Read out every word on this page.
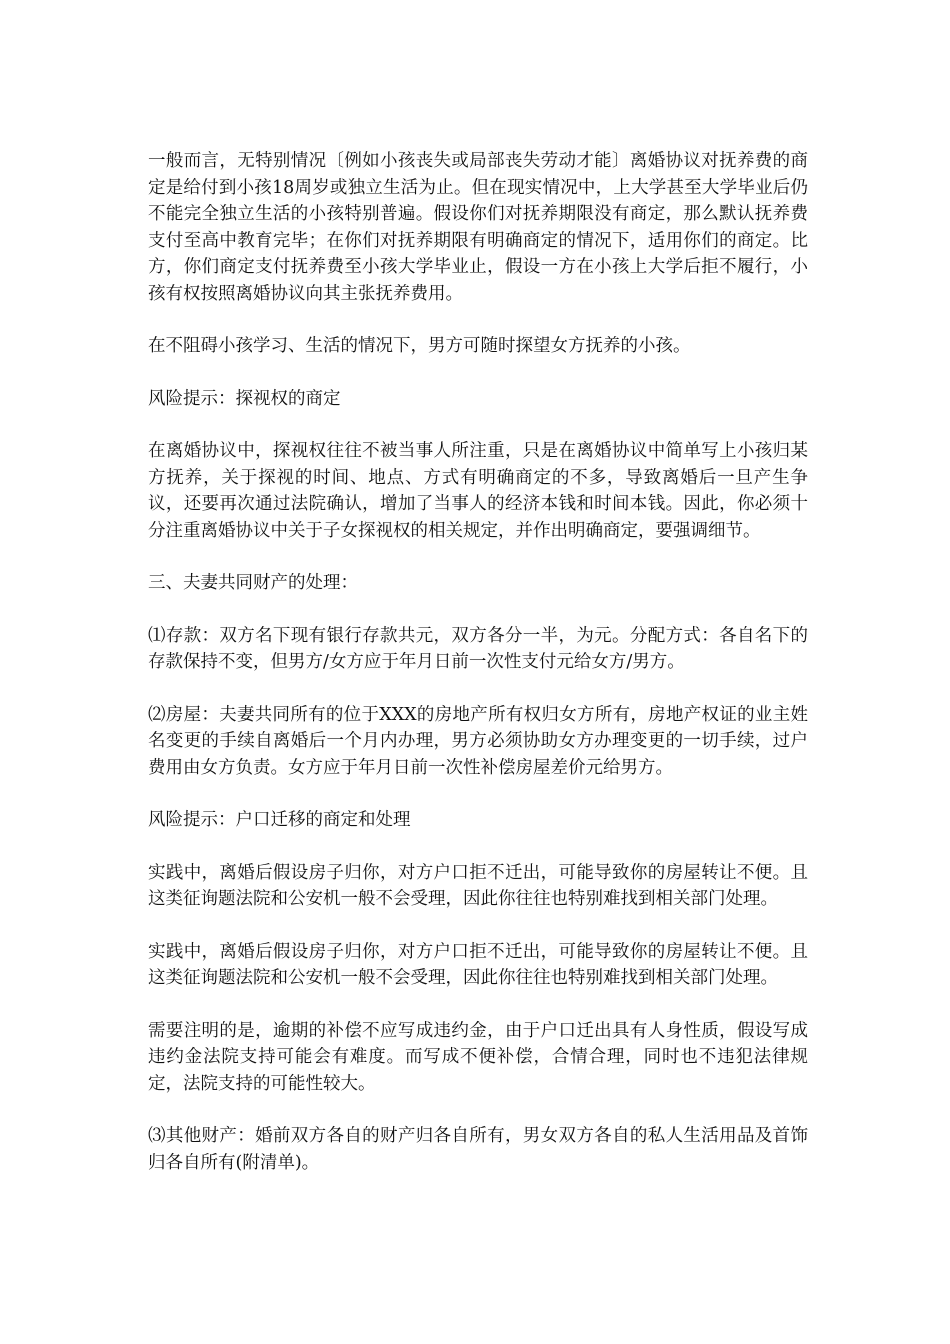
一般而言，无特别情况〔例如小孩丧失或局部丧失劳动才能〕离婚协议对抚养费的商定是给付到小孩18周岁或独立生活为止。但在现实情况中，上大学甚至大学毕业后仍不能完全独立生活的小孩特别普遍。假设你们对抚养期限没有商定，那么默认抚养费支付至高中教育完毕；在你们对抚养期限有明确商定的情况下，适用你们的商定。比方，你们商定支付抚养费至小孩大学毕业止，假设一方在小孩上大学后拒不履行，小孩有权按照离婚协议向其主张抚养费用。

在不阻碍小孩学习、生活的情况下，男方可随时探望女方抚养的小孩。

风险提示：探视权的商定

在离婚协议中，探视权往往不被当事人所注重，只是在离婚协议中简单写上小孩归某方抚养，关于探视的时间、地点、方式有明确商定的不多，导致离婚后一旦产生争议，还要再次通过法院确认，增加了当事人的经济本钱和时间本钱。因此，你必须十分注重离婚协议中关于子女探视权的相关规定，并作出明确商定，要强调细节。

三、夫妻共同财产的处理：

⑴存款：双方名下现有银行存款共元，双方各分一半，为元。分配方式：各自名下的存款保持不变，但男方/女方应于年月日前一次性支付元给女方/男方。

⑵房屋：夫妻共同所有的位于XXX的房地产所有权归女方所有，房地产权证的业主姓名变更的手续自离婚后一个月内办理，男方必须协助女方办理变更的一切手续，过户费用由女方负责。女方应于年月日前一次性补偿房屋差价元给男方。

风险提示：户口迁移的商定和处理

实践中，离婚后假设房子归你，对方户口拒不迁出，可能导致你的房屋转让不便。且这类征询题法院和公安机一般不会受理，因此你往往也特别难找到相关部门处理。

实践中，离婚后假设房子归你，对方户口拒不迁出，可能导致你的房屋转让不便。且这类征询题法院和公安机一般不会受理，因此你往往也特别难找到相关部门处理。

需要注明的是，逾期的补偿不应写成违约金，由于户口迁出具有人身性质，假设写成违约金法院支持可能会有难度。而写成不便补偿，合情合理，同时也不违犯法律规定，法院支持的可能性较大。

⑶其他财产：婚前双方各自的财产归各自所有，男女双方各自的私人生活用品及首饰归各自所有(附清单)。
